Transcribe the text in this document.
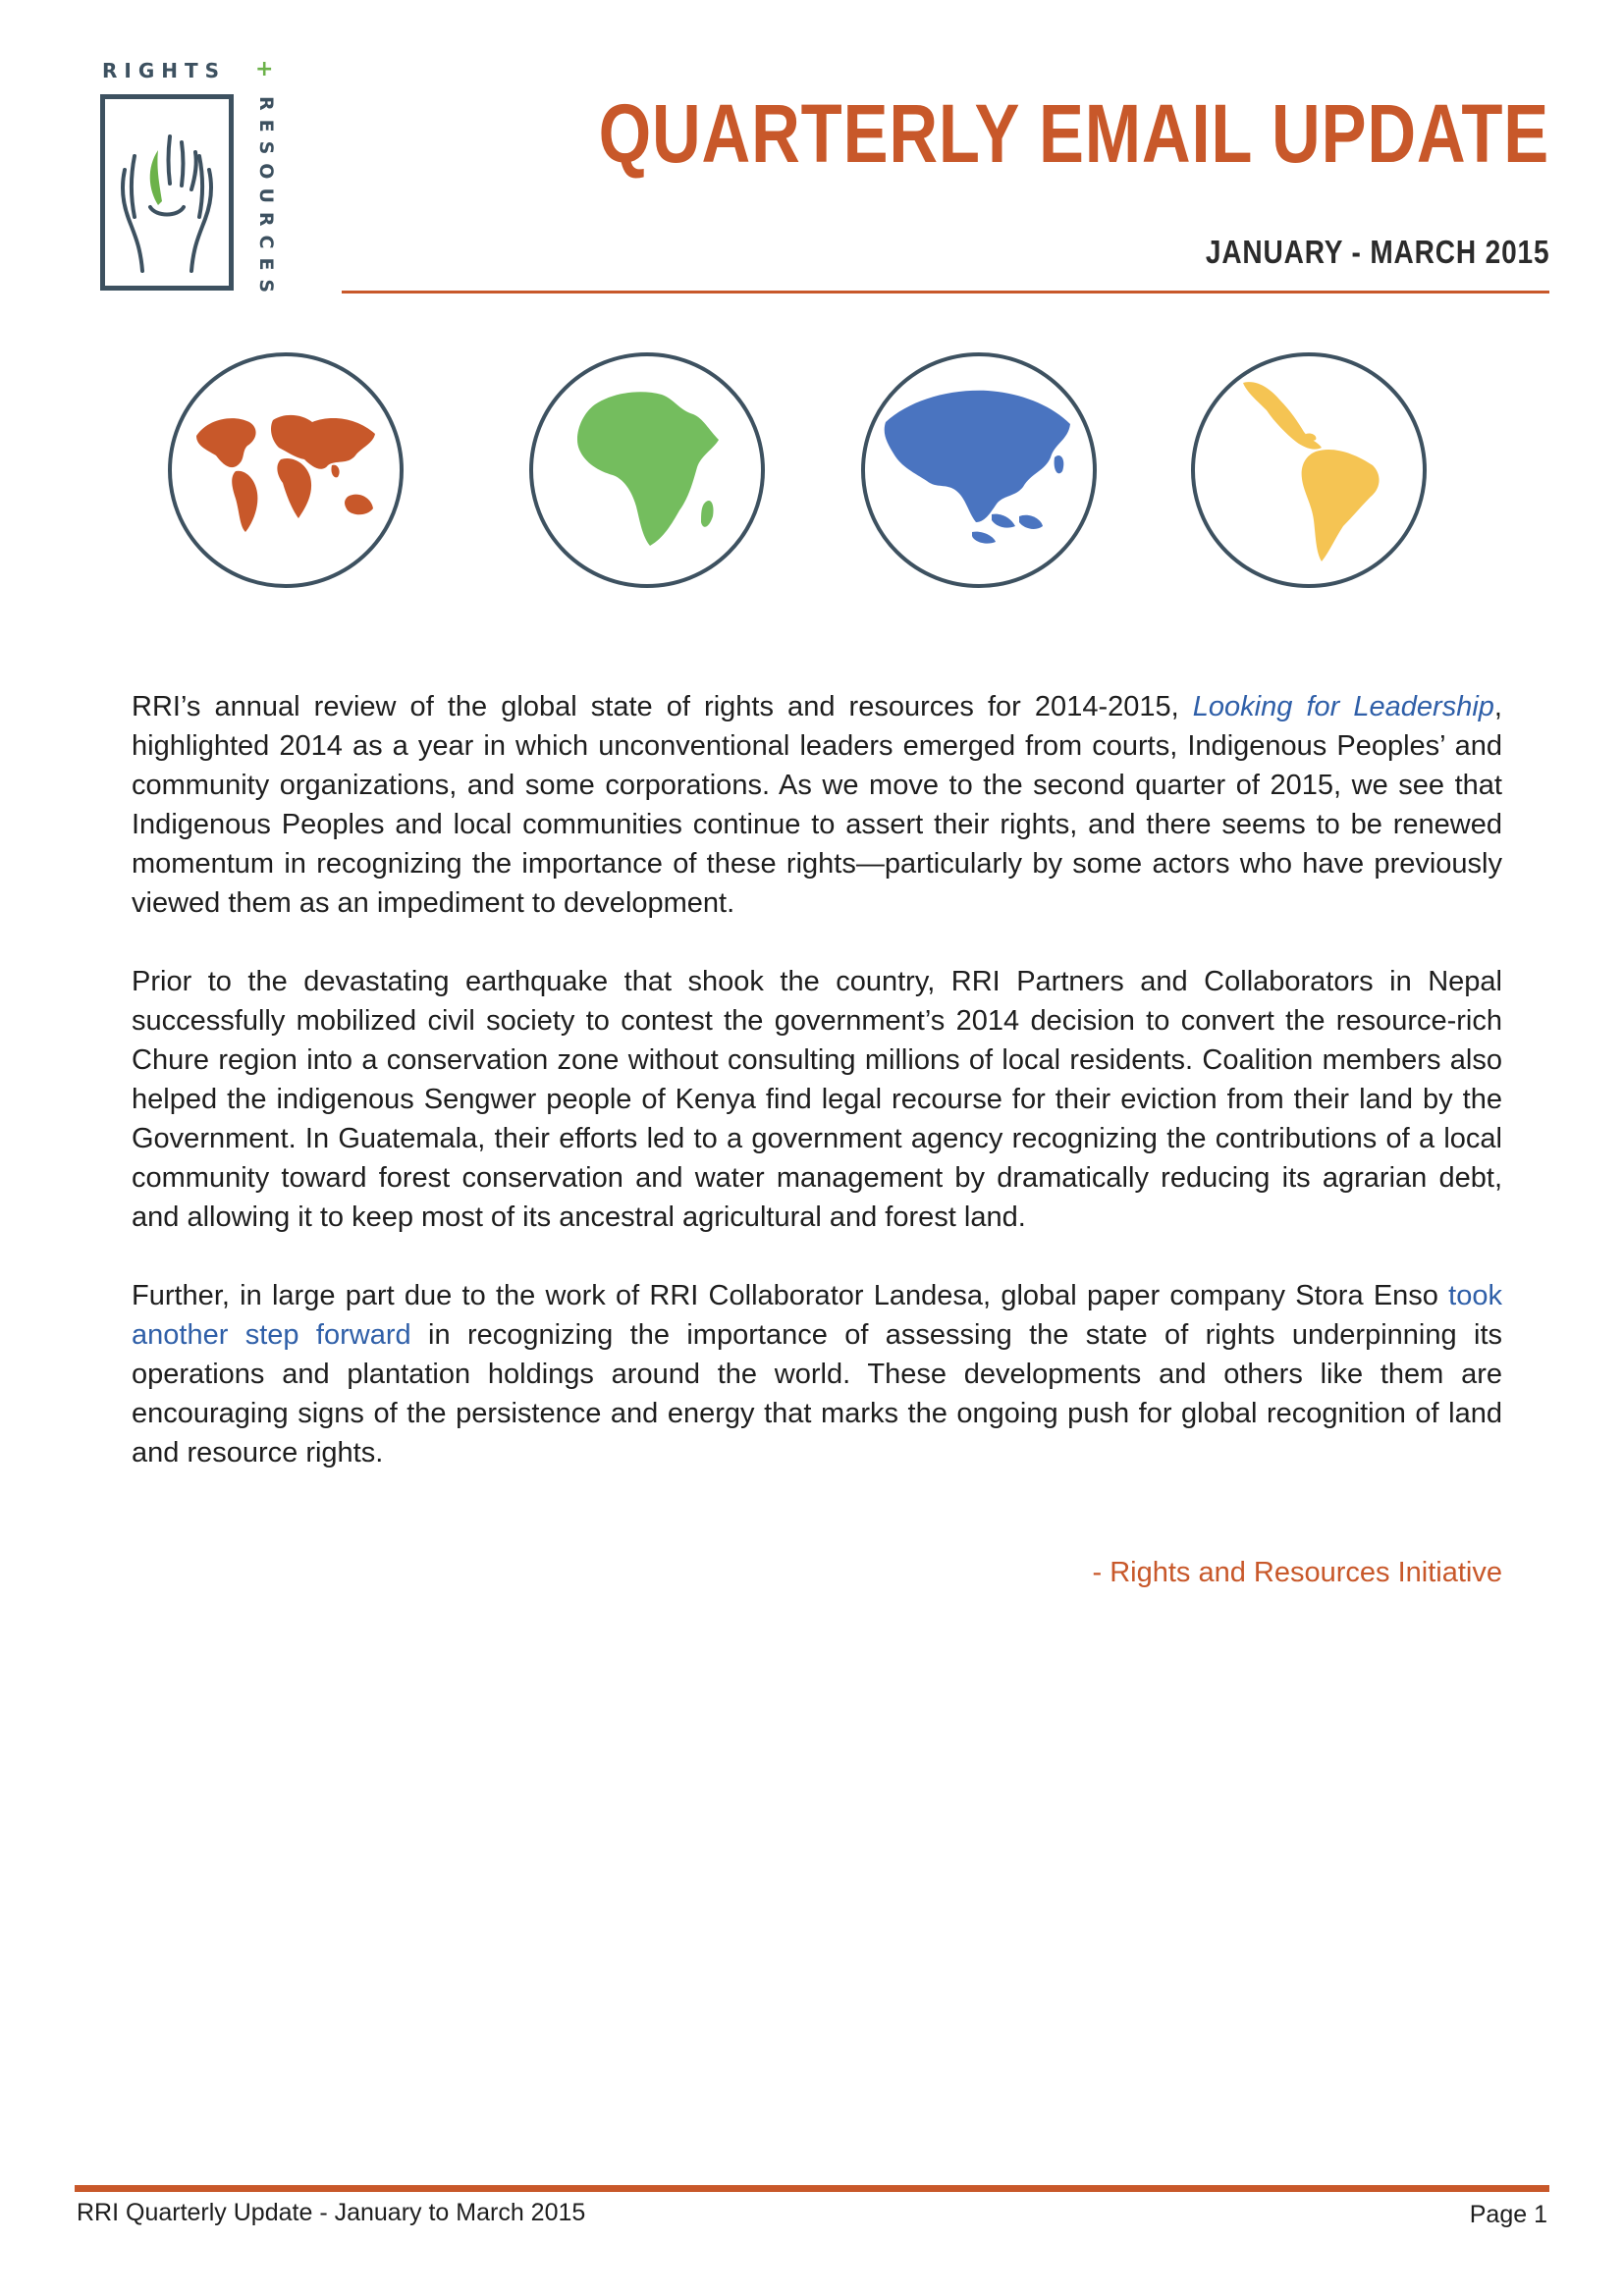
RIGHTS +
RESOURCES	QUARTERLY EMAIL UPDATE
JANUARY - MARCH 2015

RRI’s annual review of the global state of rights and resources for 2014-2015, Looking for Leadership, highlighted 2014 as a year in which unconventional leaders emerged from courts, Indigenous Peoples’ and community organizations, and some corporations. As we move to the second quarter of 2015, we see that Indigenous Peoples and local communities continue to assert their rights, and there seems to be renewed momentum in recognizing the importance of these rights—particularly by some actors who have previously viewed them as an impediment to development.

Prior to the devastating earthquake that shook the country, RRI Partners and Collaborators in Nepal successfully mobilized civil society to contest the government’s 2014 decision to convert the resource-rich Chure region into a conservation zone without consulting millions of local residents. Coalition members also helped the indigenous Sengwer people of Kenya find legal recourse for their eviction from their land by the Government. In Guatemala, their efforts led to a government agency recognizing the contributions of a local community toward forest conservation and water management by dramatically reducing its agrarian debt, and allowing it to keep most of its ancestral agricultural and forest land.

Further, in large part due to the work of RRI Collaborator Landesa, global paper company Stora Enso took another step forward in recognizing the importance of assessing the state of rights underpinning its operations and plantation holdings around the world. These developments and others like them are encouraging signs of the persistence and energy that marks the ongoing push for global recognition of land and resource rights.

- Rights and Resources Initiative
RRI Quarterly Update - January to March 2015	Page 1
